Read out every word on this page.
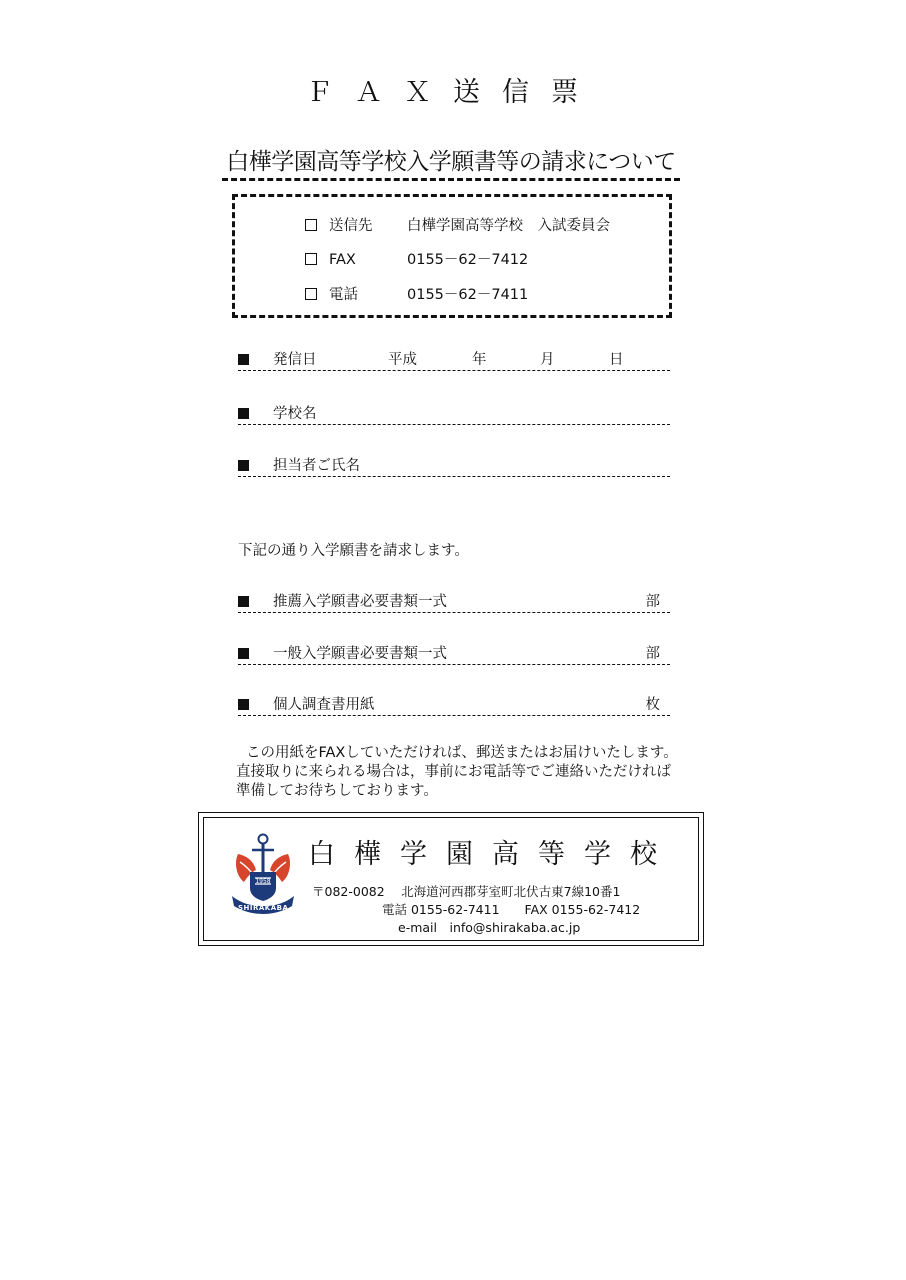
ＦＡＸ送信票
白樺学園高等学校入学願書等の請求について
送信先 白樺学園高等学校　入試委員会
FAX	0155－62－7412
電話	0155－62－7411
発信日	平成	年	月	日
学校名
担当者ご氏名
下記の通り入学願書を請求します。
推薦入学願書必要書類一式	部
一般入学願書必要書類一式	部
個人調査書用紙	枚
この用紙をFAXしていただければ、郵送またはお届けいたします。
直接取りに来られる場合は，事前にお電話等でご連絡いただければ
準備してお待ちしております。
1958
SHIRAKABA
白樺学園高等学校
〒082-0082　 北海道河西郡芽室町北伏古東7線10番1
電話 0155-62-7411　　FAX 0155-62-7412
e-mail　info@shirakaba.ac.jp
